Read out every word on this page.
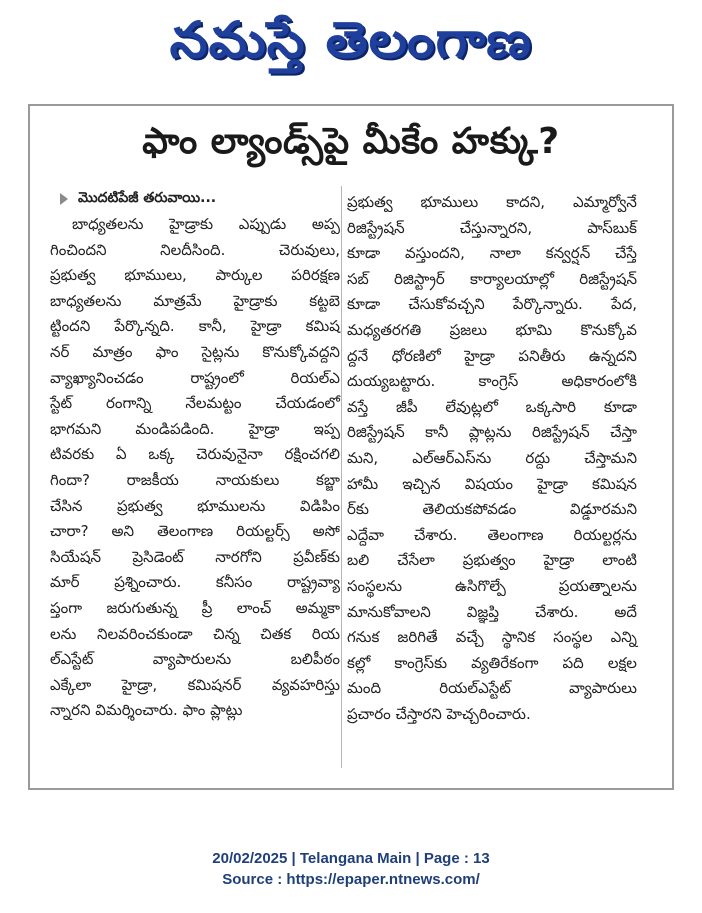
నమస్తే తెలంగాణ
ఫాం ల్యాండ్స్‌పై మీకేం హక్కు?
మొదటిపేజీ తరువాయి...
బాధ్యతలను హైడ్రాకు ఎప్పుడు అప్ప
గించిందని	నిలదీసింది.	చెరువులు,
ప్రభుత్వ భూములు, పార్కుల పరిరక్షణ
బాధ్యతలను మాత్రమే హైడ్రాకు కట్టబె
ట్టిందని పేర్కొన్నది. కానీ, హైడ్రా కమిష
నర్ మాత్రం ఫాం సైట్లను కొనుక్కోవద్దని
వ్యాఖ్యానించడం	రాష్ట్రంలో	రియల్ఎ
స్టేట్ రంగాన్ని నేలమట్టం చేయడంలో
భాగమని మండిపడింది. హైడ్రా ఇప్ప
టివరకు ఏ ఒక్క చెరువునైనా రక్షించగలి
గిందా? రాజకీయ నాయకులు కబ్జా
చేసిన ప్రభుత్వ భూములను విడిపిం
చారా? అని తెలంగాణ రియల్టర్స్ అసో
సియేషన్ ప్రెసిడెంట్ నారగోని ప్రవీణ్‌కు
మార్ ప్రశ్నించారు. కనీసం రాష్ట్రవ్యా
ప్తంగా జరుగుతున్న ప్రీ లాంచ్ అమ్మకా
లను నిలవరించకుండా చిన్న చితక రియ
ల్ఎస్టేట్	వ్యాపారులను	బలిపీఠం
ఎక్కేలా హైడ్రా, కమిషనర్ వ్యవహరిస్తు
న్నారని విమర్శించారు. ఫాం ప్లాట్లు
ప్రభుత్వ భూములు కాదని, ఎమ్మార్వోనే
రిజిస్ట్రేషన్	చేస్తున్నారని,	పాస్‌బుక్
కూడా వస్తుందని, నాలా కన్వర్షన్ చేస్తే
సబ్ రిజిస్ట్రార్ కార్యాలయాల్లో రిజిస్ట్రేషన్
కూడా చేసుకోవచ్చని పేర్కొన్నారు. పేద,
మధ్యతరగతి ప్రజలు భూమి కొనుక్కోవ
ద్దనే ధోరణిలో హైడ్రా పనితీరు ఉన్నదని
దుయ్యబట్టారు.	కాంగ్రెస్	అధికారంలోకి
వస్తే జీపీ లేవుట్లలో ఒక్కసారి కూడా
రిజిస్ట్రేషన్ కానీ ప్లాట్లను రిజిస్ట్రేషన్ చేస్తా
మని, ఎల్ఆర్ఎస్‌ను రద్దు చేస్తామని
హామీ ఇచ్చిన విషయం హైడ్రా కమిషన
ర్‌కు	తెలియకపోవడం	విడ్డూరమని
ఎద్దేవా చేశారు. తెలంగాణ రియల్టర్లను
బలి చేసేలా ప్రభుత్వం హైడ్రా లాంటి
సంస్థలను	ఉసిగొల్పే	ప్రయత్నాలను
మానుకోవాలని విజ్ఞప్తి చేశారు. అదే
గనుక జరిగితే వచ్చే స్థానిక సంస్థల ఎన్ని
కల్లో కాంగ్రెస్‌కు వ్యతిరేకంగా పది లక్షల
మంది	రియల్ఎస్టేట్	వ్యాపారులు
ప్రచారం చేస్తారని హెచ్చరించారు.
20/02/2025 | Telangana Main | Page : 13
Source : https://epaper.ntnews.com/
